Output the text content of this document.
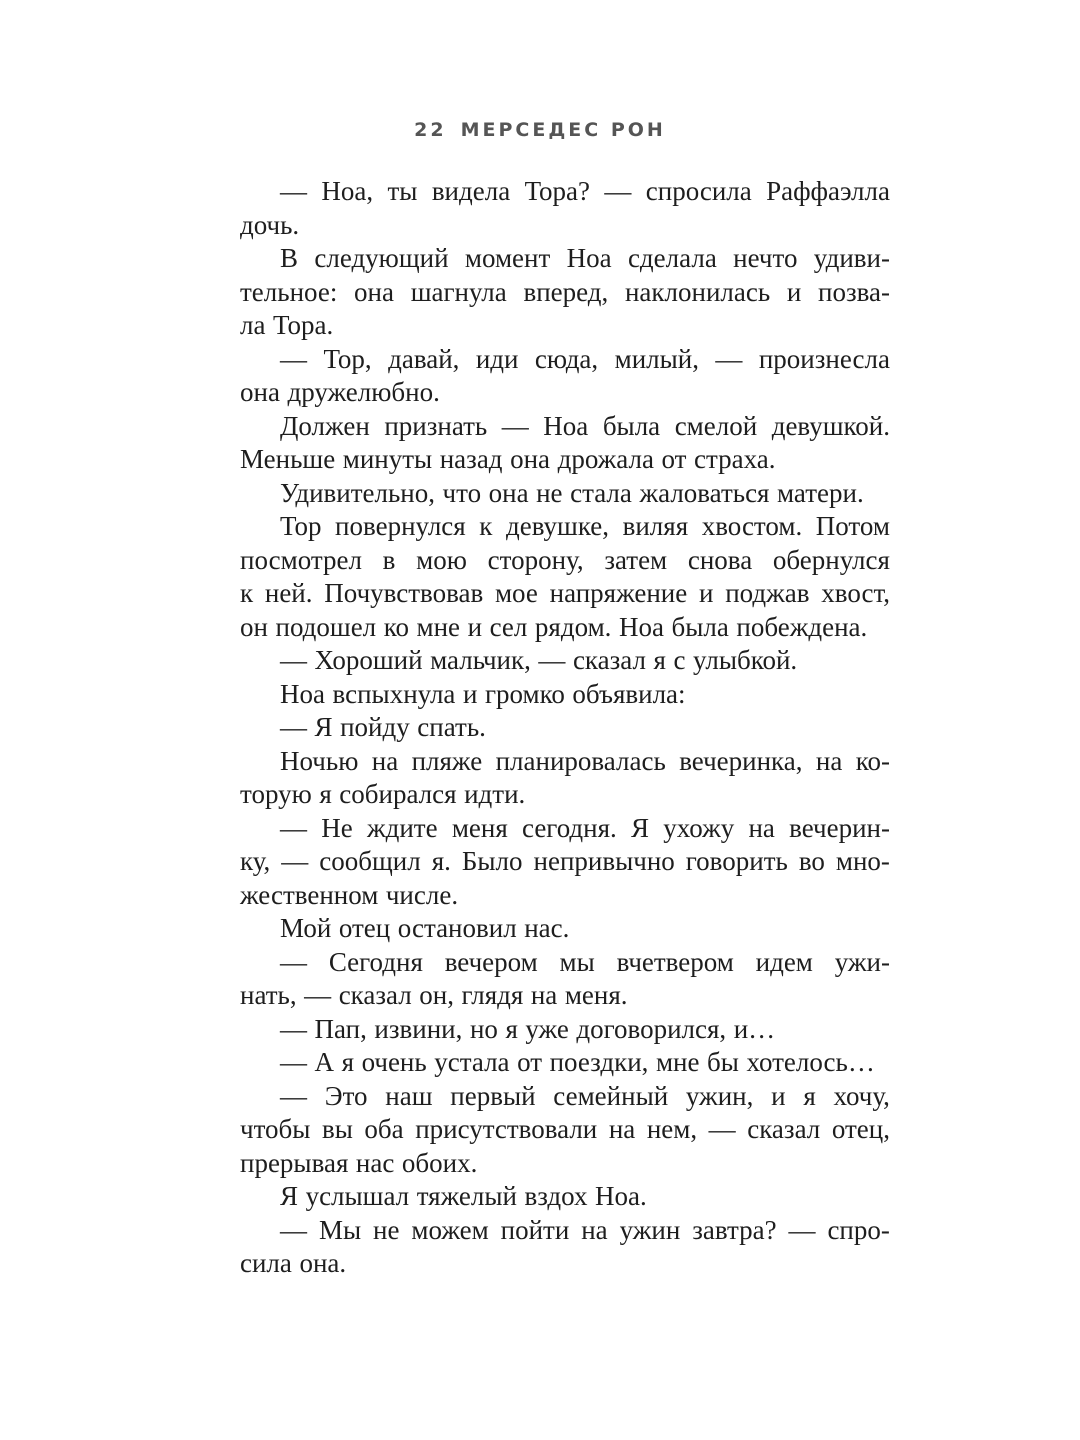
22 МЕРСЕДЕС РОН
— Ноа, ты видела Тора? — спросила Раффаэлла
дочь.
В следующий момент Ноа сделала нечто удиви-
тельное: она шагнула вперед, наклонилась и позва-
ла Тора.
— Тор, давай, иди сюда, милый, — произнесла
она дружелюбно.
Должен признать — Ноа была смелой девушкой.
Меньше минуты назад она дрожала от страха.
Удивительно, что она не стала жаловаться матери.
Тор повернулся к девушке, виляя хвостом. Потом
посмотрел в мою сторону, затем снова обернулся
к ней. Почувствовав мое напряжение и поджав хвост,
он подошел ко мне и сел рядом. Ноа была побеждена.
— Хороший мальчик, — сказал я с улыбкой.
Ноа вспыхнула и громко объявила:
— Я пойду спать.
Ночью на пляже планировалась вечеринка, на ко-
торую я собирался идти.
— Не ждите меня сегодня. Я ухожу на вечерин-
ку, — сообщил я. Было непривычно говорить во мно-
жественном числе.
Мой отец остановил нас.
— Сегодня вечером мы вчетвером идем ужи-
нать, — сказал он, глядя на меня.
— Пап, извини, но я уже договорился, и…
— А я очень устала от поездки, мне бы хотелось…
— Это наш первый семейный ужин, и я хочу,
чтобы вы оба присутствовали на нем, — сказал отец,
прерывая нас обоих.
Я услышал тяжелый вздох Ноа.
— Мы не можем пойти на ужин завтра? — спро-
сила она.
